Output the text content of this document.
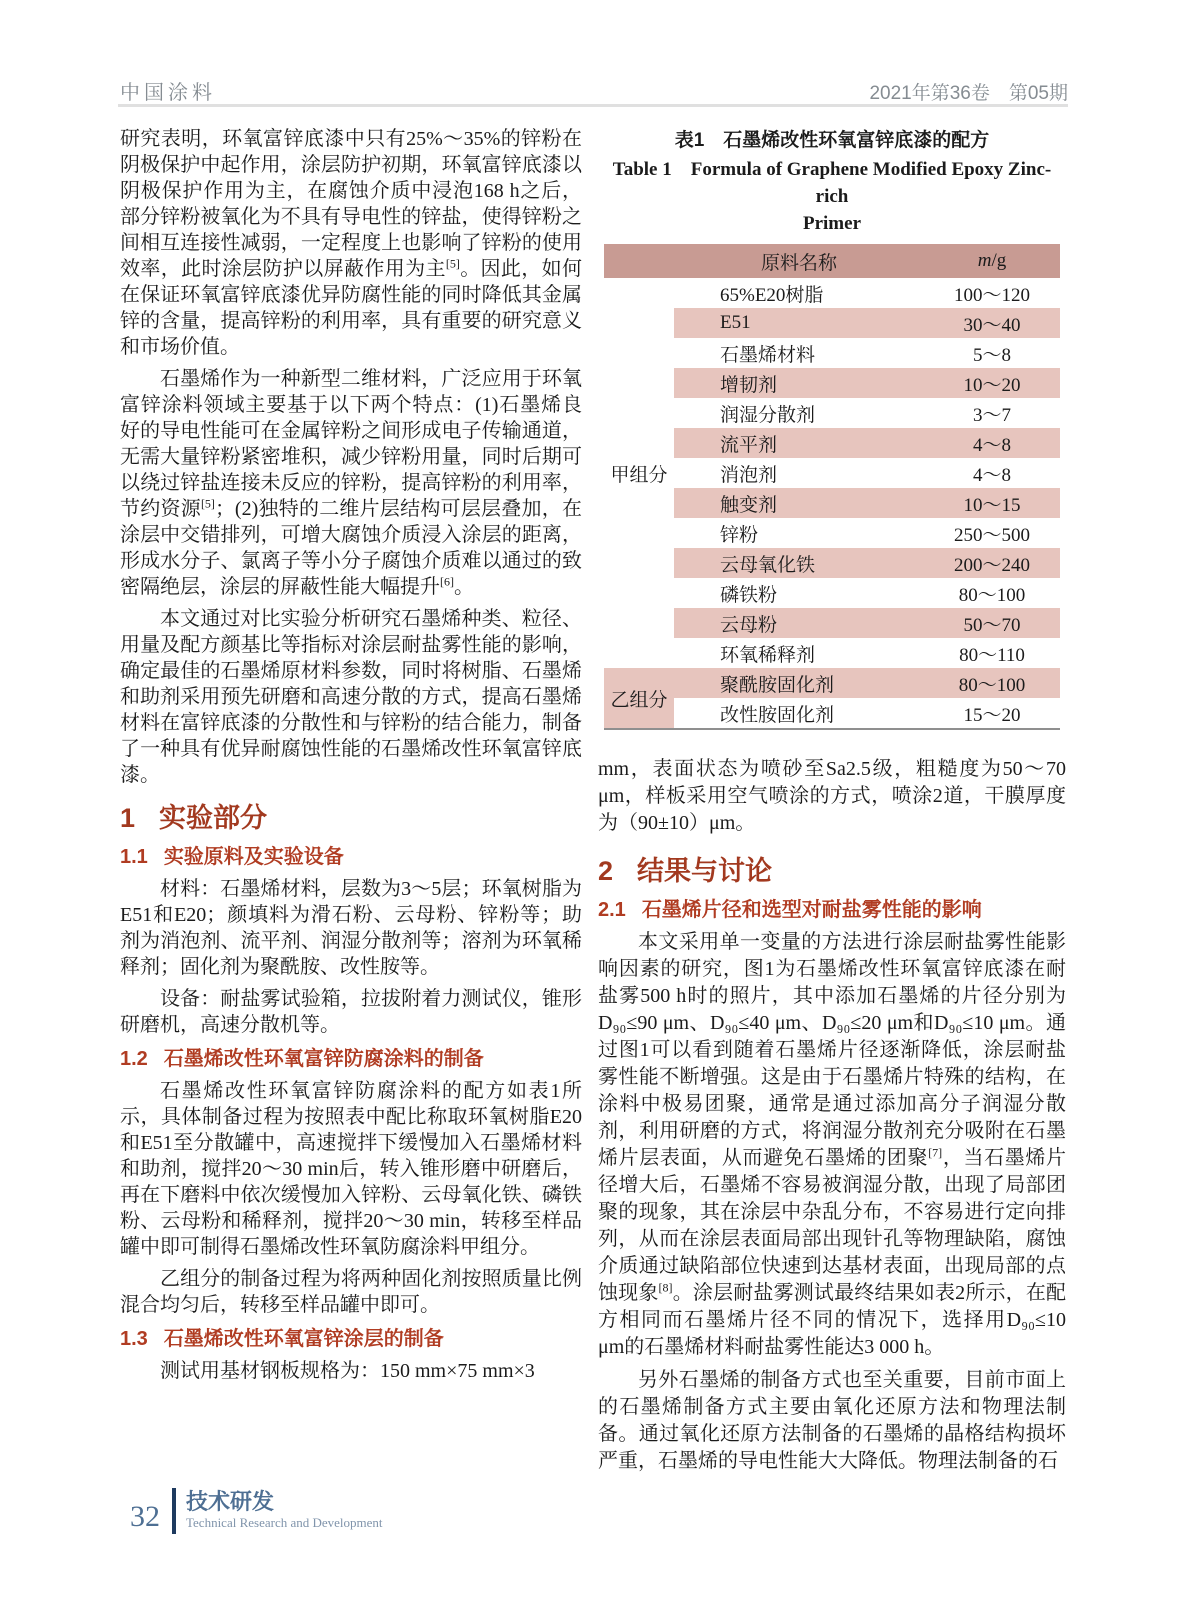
中国涂料	2021年第36卷　第05期

研究表明，环氧富锌底漆中只有25%～35%的锌粉在阴极保护中起作用，涂层防护初期，环氧富锌底漆以阴极保护作用为主，在腐蚀介质中浸泡168 h之后，部分锌粉被氧化为不具有导电性的锌盐，使得锌粉之间相互连接性减弱，一定程度上也影响了锌粉的使用效率，此时涂层防护以屏蔽作用为主[5]。因此，如何在保证环氧富锌底漆优异防腐性能的同时降低其金属锌的含量，提高锌粉的利用率，具有重要的研究意义和市场价值。

石墨烯作为一种新型二维材料，广泛应用于环氧富锌涂料领域主要基于以下两个特点：(1)石墨烯良好的导电性能可在金属锌粉之间形成电子传输通道，无需大量锌粉紧密堆积，减少锌粉用量，同时后期可以绕过锌盐连接未反应的锌粉，提高锌粉的利用率，节约资源[5]；(2)独特的二维片层结构可层层叠加，在涂层中交错排列，可增大腐蚀介质浸入涂层的距离，形成水分子、氯离子等小分子腐蚀介质难以通过的致密隔绝层，涂层的屏蔽性能大幅提升[6]。

本文通过对比实验分析研究石墨烯种类、粒径、用量及配方颜基比等指标对涂层耐盐雾性能的影响，确定最佳的石墨烯原材料参数，同时将树脂、石墨烯和助剂采用预先研磨和高速分散的方式，提高石墨烯材料在富锌底漆的分散性和与锌粉的结合能力，制备了一种具有优异耐腐蚀性能的石墨烯改性环氧富锌底漆。

1 实验部分
1.1 实验原料及实验设备

材料：石墨烯材料，层数为3～5层；环氧树脂为E51和E20；颜填料为滑石粉、云母粉、锌粉等；助剂为消泡剂、流平剂、润湿分散剂等；溶剂为环氧稀释剂；固化剂为聚酰胺、改性胺等。

设备：耐盐雾试验箱，拉拔附着力测试仪，锥形研磨机，高速分散机等。

1.2 石墨烯改性环氧富锌防腐涂料的制备

石墨烯改性环氧富锌防腐涂料的配方如表1所示，具体制备过程为按照表中配比称取环氧树脂E20和E51至分散罐中，高速搅拌下缓慢加入石墨烯材料和助剂，搅拌20～30 min后，转入锥形磨中研磨后，再在下磨料中依次缓慢加入锌粉、云母氧化铁、磷铁粉、云母粉和稀释剂，搅拌20～30 min，转移至样品罐中即可制得石墨烯改性环氧防腐涂料甲组分。

乙组分的制备过程为将两种固化剂按照质量比例混合均匀后，转移至样品罐中即可。

1.3 石墨烯改性环氧富锌涂层的制备

测试用基材钢板规格为：150 mm×75 mm×3

表1　石墨烯改性环氧富锌底漆的配方
Table 1　Formula of Graphene Modified Epoxy Zinc-rich
Primer
原料名称	m /g
甲组分
65%E20树脂	100～120
E51	30～40
石墨烯材料	5～8
增韧剂	10～20
润湿分散剂	3～7
流平剂	4～8
消泡剂	4～8
触变剂	10～15
锌粉	250～500
云母氧化铁	200～240
磷铁粉	80～100
云母粉	50～70
环氧稀释剂	80～110
乙组分
聚酰胺固化剂	80～100
改性胺固化剂	15～20

mm，表面状态为喷砂至Sa2.5级，粗糙度为50～70 μm，样板采用空气喷涂的方式，喷涂2道，干膜厚度为（90±10）μm。

2 结果与讨论
2.1 石墨烯片径和选型对耐盐雾性能的影响

本文采用单一变量的方法进行涂层耐盐雾性能影响因素的研究，图1为石墨烯改性环氧富锌底漆在耐盐雾500 h时的照片，其中添加石墨烯的片径分别为D₉₀≤90 μm、D₉₀≤40 μm、D₉₀≤20 μm和D₉₀≤10 μm。通过图1可以看到随着石墨烯片径逐渐降低，涂层耐盐雾性能不断增强。这是由于石墨烯片特殊的结构，在涂料中极易团聚，通常是通过添加高分子润湿分散剂，利用研磨的方式，将润湿分散剂充分吸附在石墨烯片层表面，从而避免石墨烯的团聚[7]，当石墨烯片径增大后，石墨烯不容易被润湿分散，出现了局部团聚的现象，其在涂层中杂乱分布，不容易进行定向排列，从而在涂层表面局部出现针孔等物理缺陷，腐蚀介质通过缺陷部位快速到达基材表面，出现局部的点蚀现象[8]。涂层耐盐雾测试最终结果如表2所示，在配方相同而石墨烯片径不同的情况下，选择用D₉₀≤10 μm的石墨烯材料耐盐雾性能达3 000 h。

另外石墨烯的制备方式也至关重要，目前市面上的石墨烯制备方式主要由氧化还原方法和物理法制备。通过氧化还原方法制备的石墨烯的晶格结构损坏严重，石墨烯的导电性能大大降低。物理法制备的石

32 技术研发
Technical Research and Development
